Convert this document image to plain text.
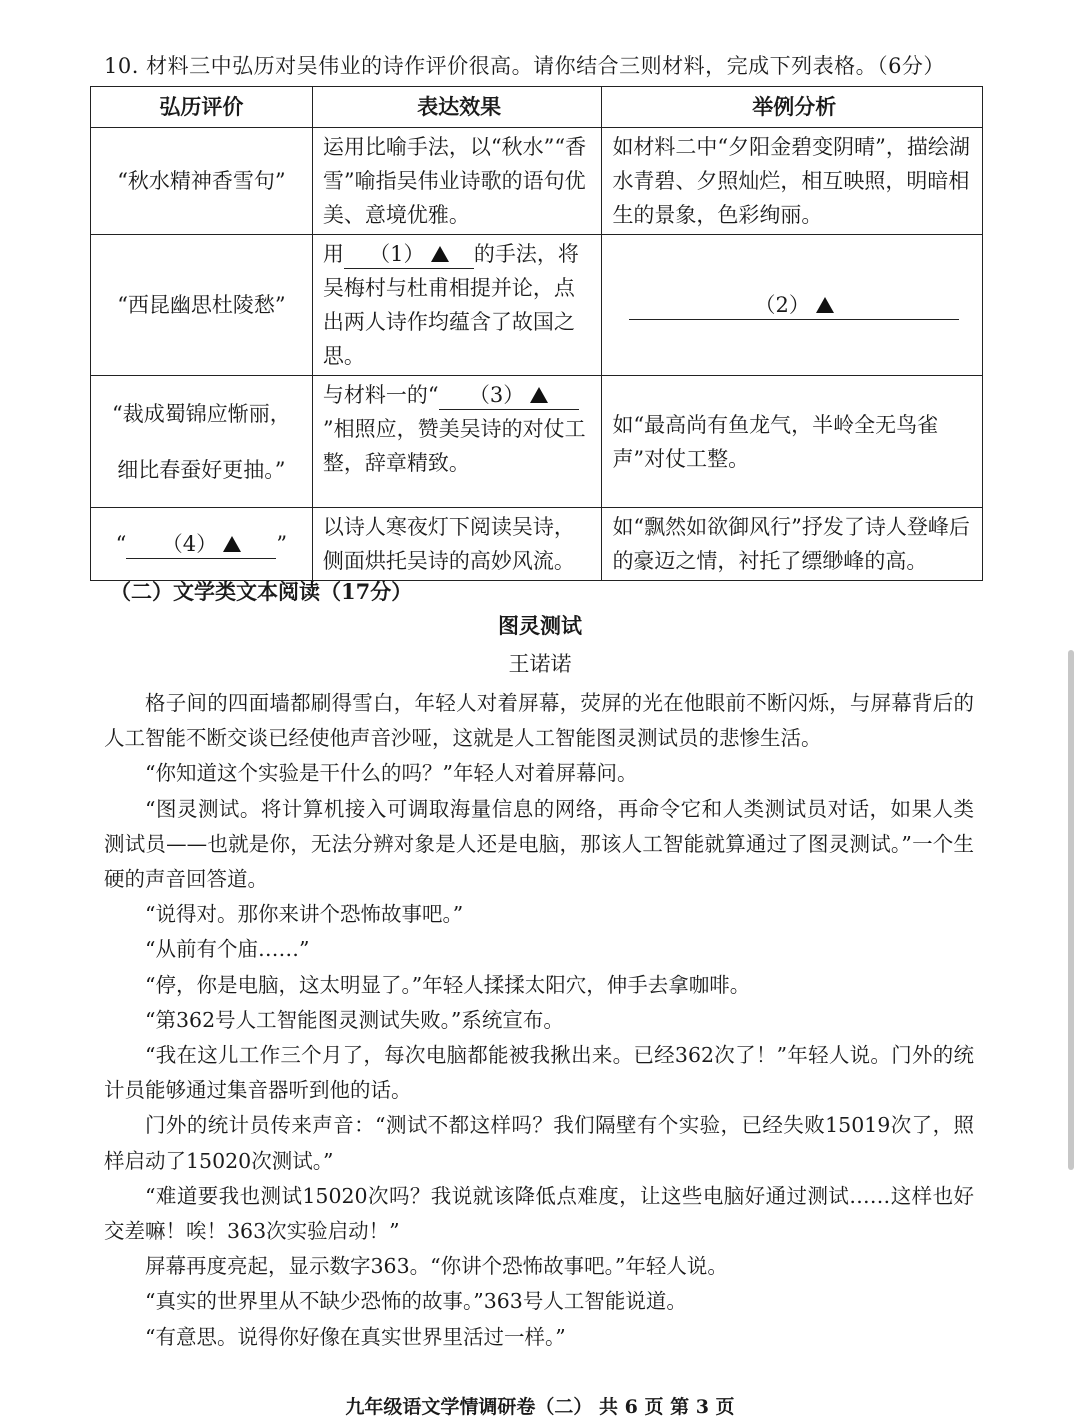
10. 材料三中弘历对吴伟业的诗作评价很高。请你结合三则材料，完成下列表格。（6分）
弘历评价	表达效果	举例分析
“秋水精神香雪句”	运用比喻手法，以“秋水”“香雪”喻指吴伟业诗歌的语句优美、意境优雅。	如材料二中“夕阳金碧变阴晴”，描绘湖水青碧、夕照灿烂，相互映照，明暗相生的景象，色彩绚丽。
“西昆幽思杜陵愁”	用 （1） 的手法，将吴梅村与杜甫相提并论，点出两人诗作均蕴含了故国之思。	（2）

“裁成蜀锦应惭丽，
细比春蚕好更抽。”	与材料一的“ （3）”相照应，赞美吴诗的对仗工整，辞章精致。	如“最高尚有鱼龙气，半岭全无鸟雀声”对仗工整。
“ （4） ”	以诗人寒夜灯下阅读吴诗，侧面烘托吴诗的高妙风流。	如“飘然如欲御风行”抒发了诗人登峰后的豪迈之情，衬托了缥缈峰的高。
（二）文学类文本阅读（17分）
图灵测试
王诺诺

格子间的四面墙都刷得雪白，年轻人对着屏幕，荧屏的光在他眼前不断闪烁，与屏幕背后的人工智能不断交谈已经使他声音沙哑，这就是人工智能图灵测试员的悲惨生活。

“你知道这个实验是干什么的吗？”年轻人对着屏幕问。

“图灵测试。将计算机接入可调取海量信息的网络，再命令它和人类测试员对话，如果人类测试员——也就是你，无法分辨对象是人还是电脑，那该人工智能就算通过了图灵测试。”一个生硬的声音回答道。

“说得对。那你来讲个恐怖故事吧。”

“从前有个庙……”

“停，你是电脑，这太明显了。”年轻人揉揉太阳穴，伸手去拿咖啡。

“第362号人工智能图灵测试失败。”系统宣布。

“我在这儿工作三个月了，每次电脑都能被我揪出来。已经362次了！”年轻人说。门外的统计员能够通过集音器听到他的话。

门外的统计员传来声音：“测试不都这样吗？我们隔壁有个实验，已经失败15019次了，照样启动了15020次测试。”

“难道要我也测试15020次吗？我说就该降低点难度，让这些电脑好通过测试……这样也好交差嘛！唉！363次实验启动！”

屏幕再度亮起，显示数字363。“你讲个恐怖故事吧。”年轻人说。

“真实的世界里从不缺少恐怖的故事。”363号人工智能说道。

“有意思。说得你好像在真实世界里活过一样。”

九年级语文学情调研卷（二） 共 6 页 第 3 页
